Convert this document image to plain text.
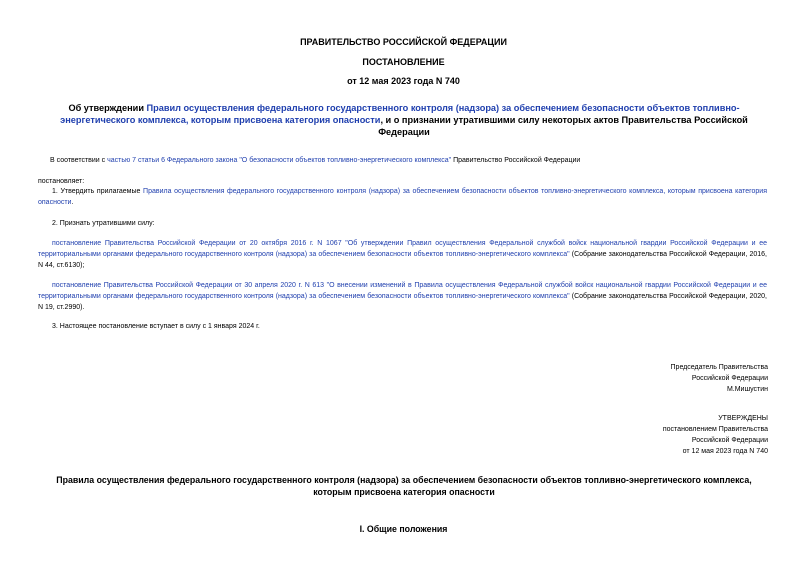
ПРАВИТЕЛЬСТВО РОССИЙСКОЙ ФЕДЕРАЦИИ
ПОСТАНОВЛЕНИЕ
от 12 мая 2023 года N 740
Об утверждении Правил осуществления федерального государственного контроля (надзора) за обеспечением безопасности объектов топливно-энергетического комплекса, которым присвоена категория опасности, и о признании утратившими силу некоторых актов Правительства Российской Федерации
В соответствии с частью 7 статьи 6 Федерального закона "О безопасности объектов топливно-энергетического комплекса" Правительство Российской Федерации
постановляет:
1. Утвердить прилагаемые Правила осуществления федерального государственного контроля (надзора) за обеспечением безопасности объектов топливно-энергетического комплекса, которым присвоена категория опасности.
2. Признать утратившими силу:
постановление Правительства Российской Федерации от 20 октября 2016 г. N 1067 "Об утверждении Правил осуществления Федеральной службой войск национальной гвардии Российской Федерации и ее территориальными органами федерального государственного контроля (надзора) за обеспечением безопасности объектов топливно-энергетического комплекса" (Собрание законодательства Российской Федерации, 2016, N 44, ст.6130);
постановление Правительства Российской Федерации от 30 апреля 2020 г. N 613 "О внесении изменений в Правила осуществления Федеральной службой войск национальной гвардии Российской Федерации и ее территориальными органами федерального государственного контроля (надзора) за обеспечением безопасности объектов топливно-энергетического комплекса" (Собрание законодательства Российской Федерации, 2020, N 19, ст.2990).
3. Настоящее постановление вступает в силу с 1 января 2024 г.
Председатель Правительства
Российской Федерации
М.Мишустин
УТВЕРЖДЕНЫ
постановлением Правительства
Российской Федерации
от 12 мая 2023 года N 740
Правила осуществления федерального государственного контроля (надзора) за обеспечением безопасности объектов топливно-энергетического комплекса, которым присвоена категория опасности
I. Общие положения
